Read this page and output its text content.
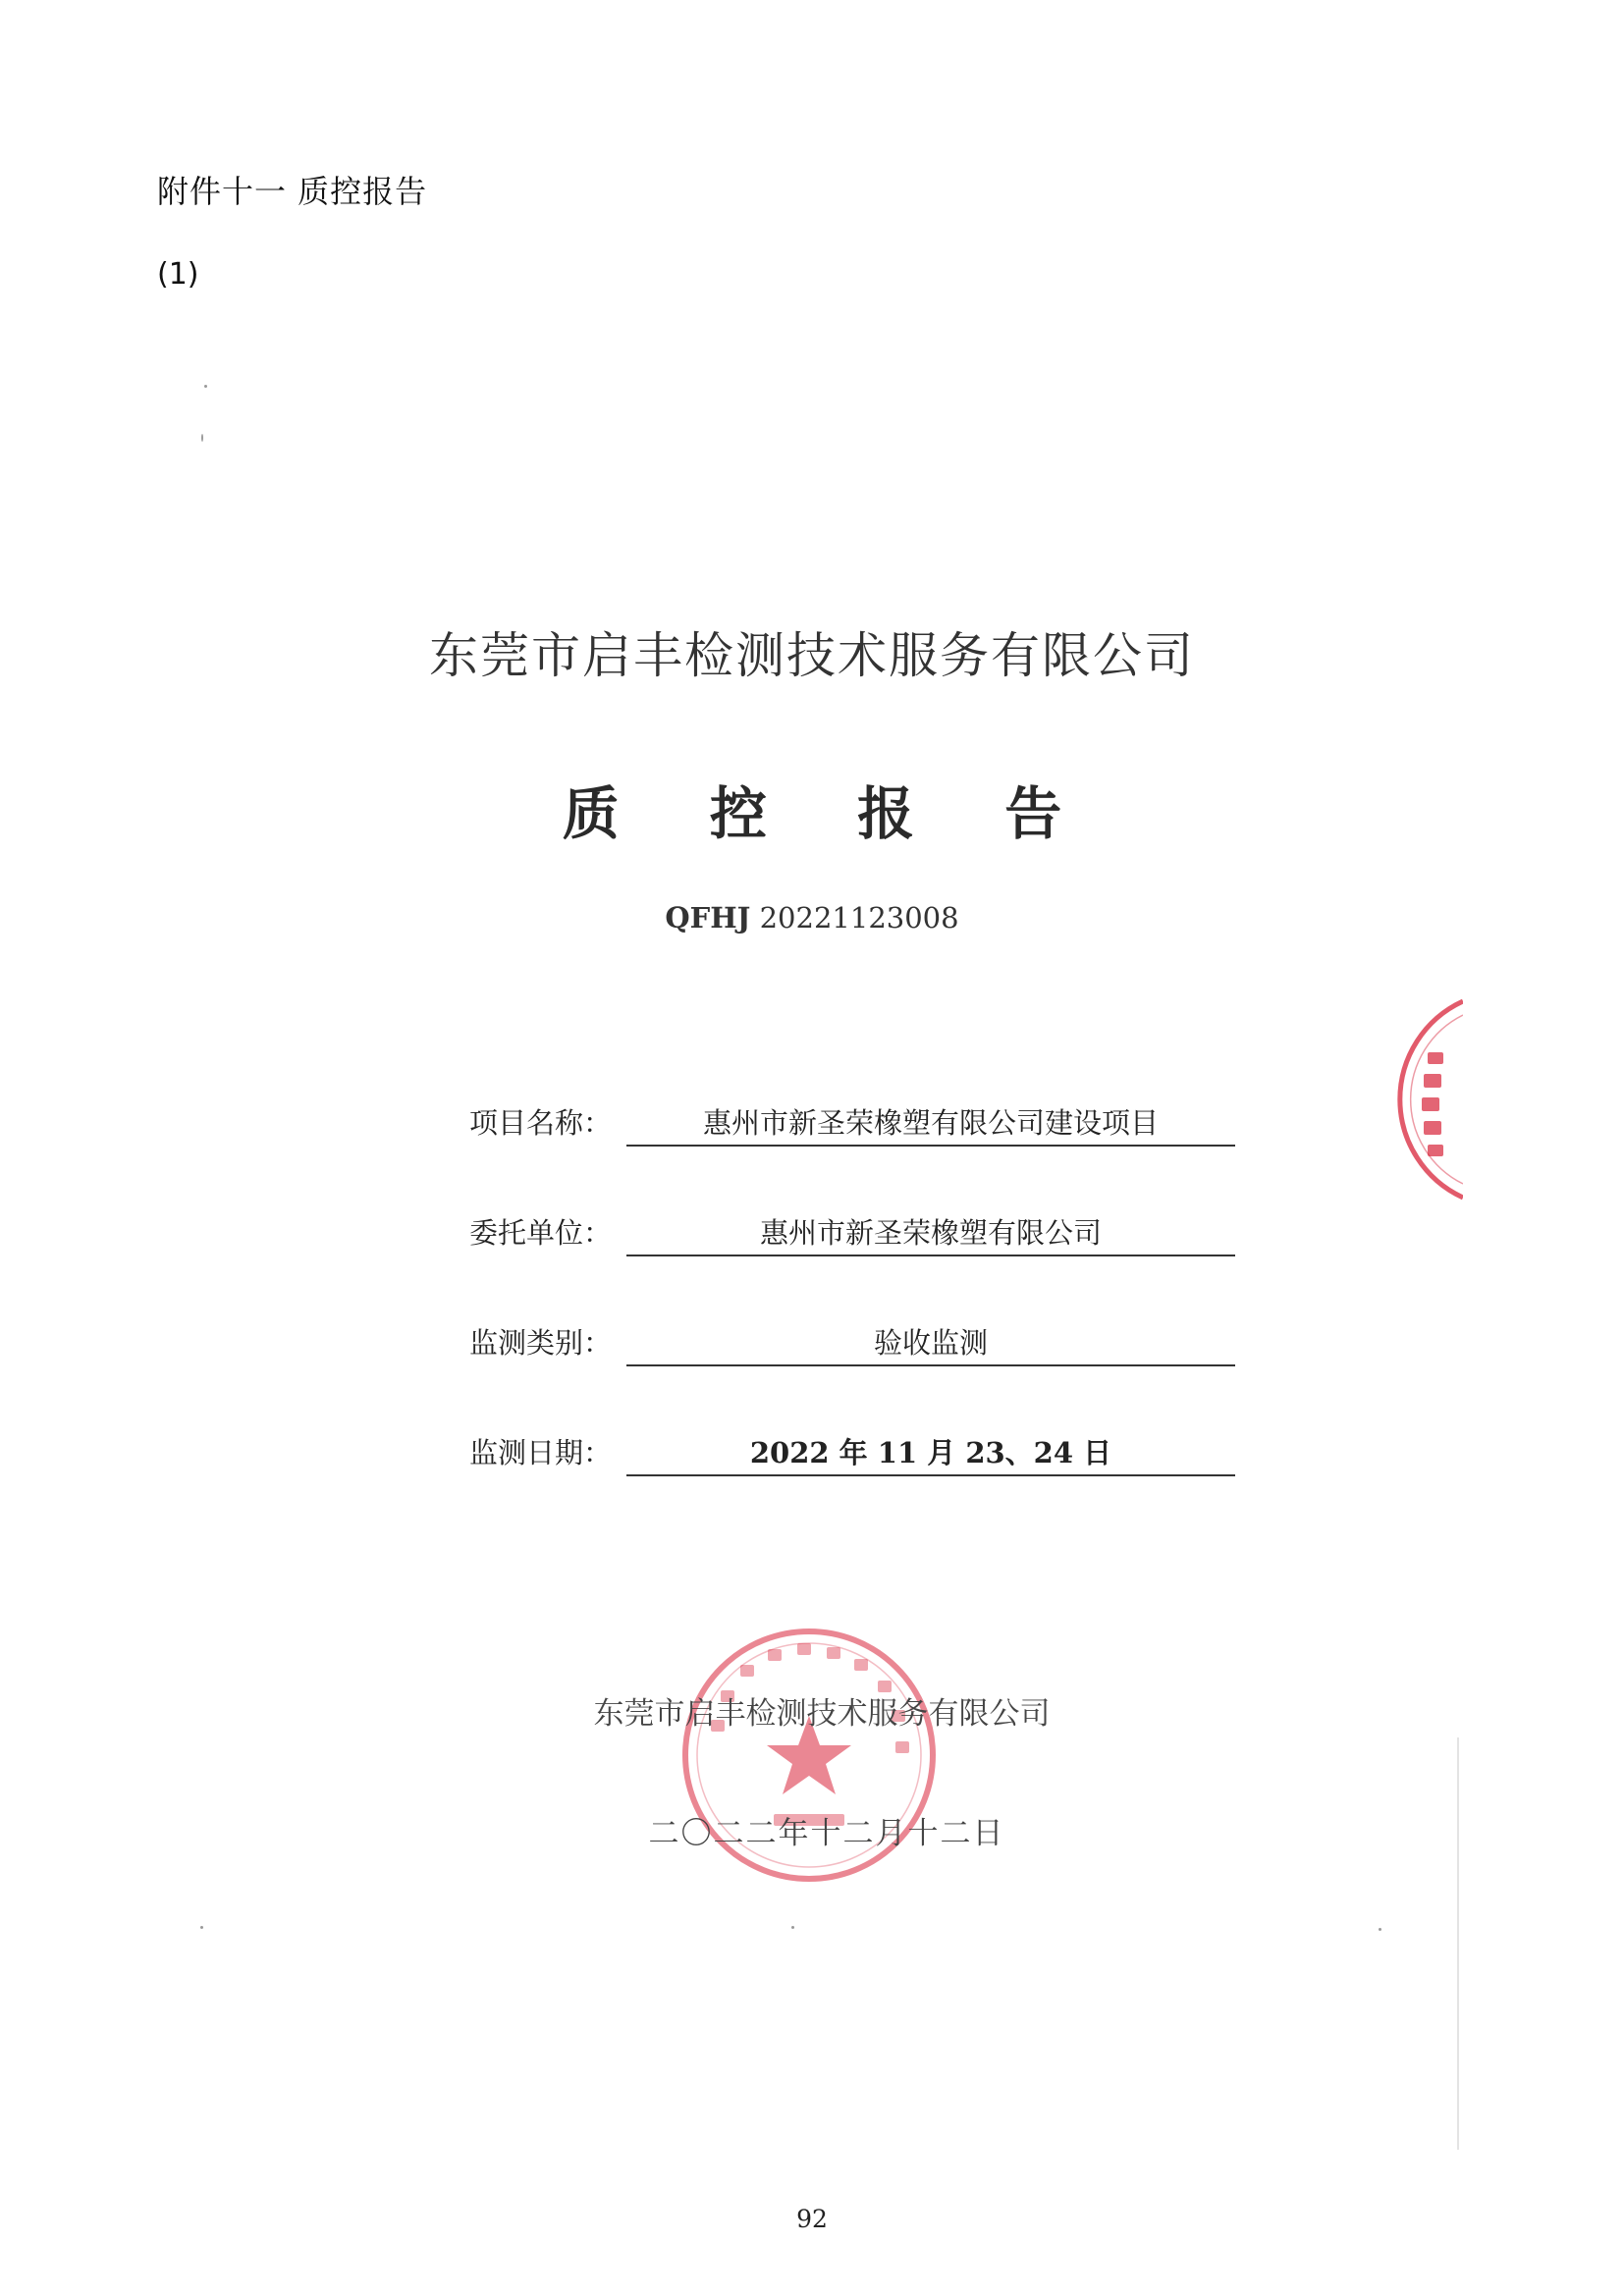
附件十一 质控报告
(1)
东莞市启丰检测技术服务有限公司
质 控 报 告
QFHJ 20221123008
项目名称：	惠州市新圣荣橡塑有限公司建设项目
委托单位：	惠州市新圣荣橡塑有限公司
监测类别：	验收监测
监测日期：	2022 年 11 月 23、24 日
东莞市启丰检测技术服务有限公司
二〇二二年十二月十二日
92
